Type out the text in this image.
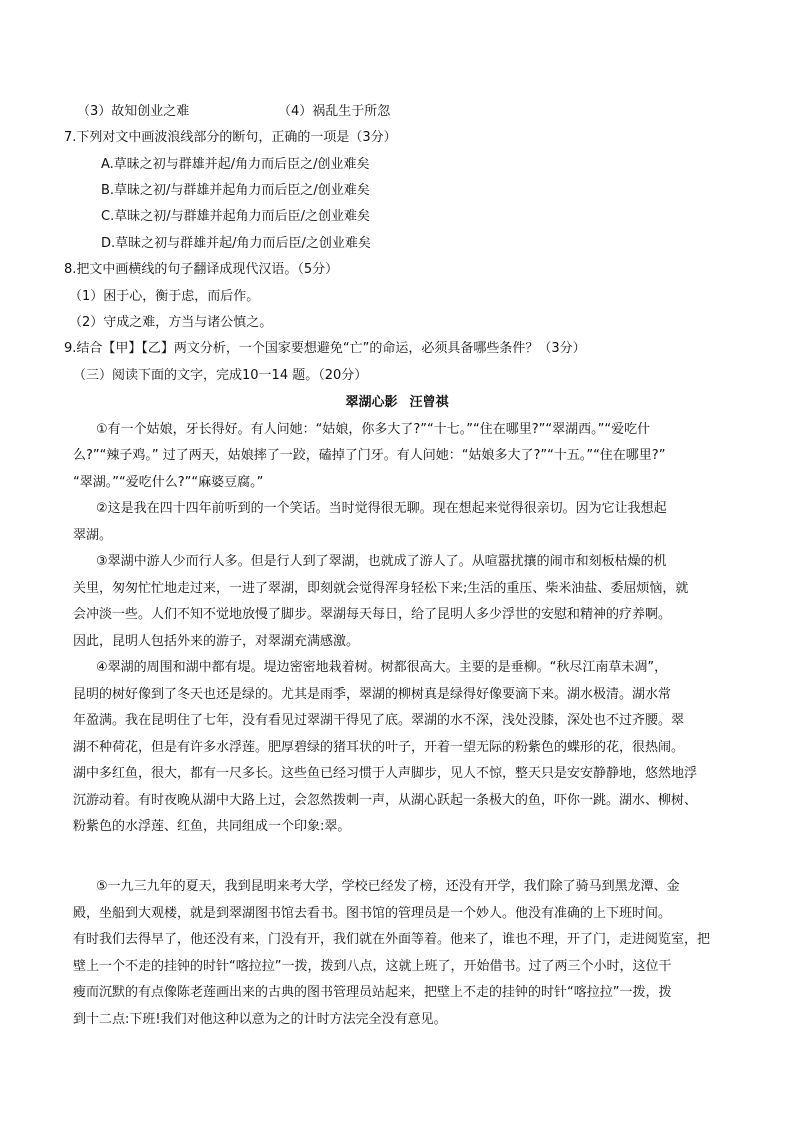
（3）故知创业之难	（4）祸乱生于所忽
7.下列对文中画波浪线部分的断句，正确的一项是（3分）
A.草昧之初与群雄并起/角力而后臣之/创业难矣
B.草昧之初/与群雄并起角力而后臣之/创业难矣
C.草昧之初/与群雄并起角力而后臣/之创业难矣
D.草昧之初与群雄并起/角力而后臣/之创业难矣
8.把文中画横线的句子翻译成现代汉语。（5分）
（1）困于心，衡于虑，而后作。
（2）守成之难，方当与诸公慎之。
9.结合【甲】【乙】两文分析，一个国家要想避免“亡”的命运，必须具备哪些条件？（3分）
（三）阅读下面的文字，完成10一14 题。（20分）
翠湖心影 汪曾祺
①有一个姑娘，牙长得好。有人问她：“姑娘，你多大了?”“十七。”“住在哪里?”“翠湖西。”“爱吃什
么?”“辣子鸡。” 过了两天，姑娘摔了一跤，磕掉了门牙。有人问她：“姑娘多大了?”“十五。”“住在哪里?”
“翠湖。”“爱吃什么?”“麻婆豆腐。”
②这是我在四十四年前听到的一个笑话。当时觉得很无聊。现在想起来觉得很亲切。因为它让我想起
翠湖。
③翠湖中游人少而行人多。但是行人到了翠湖，也就成了游人了。从喧嚣扰攘的闹市和刻板枯燥的机
关里，匆匆忙忙地走过来，一进了翠湖，即刻就会觉得浑身轻松下来;生活的重压、柴米油盐、委屈烦恼，就
会冲淡一些。人们不知不觉地放慢了脚步。翠湖每天每日，给了昆明人多少浮世的安慰和精神的疗养啊。
因此，昆明人包括外来的游子，对翠湖充满感激。
④翠湖的周围和湖中都有堤。堤边密密地栽着树。树都很高大。主要的是垂柳。“秋尽江南草未凋”，
昆明的树好像到了冬天也还是绿的。尤其是雨季，翠湖的柳树真是绿得好像要滴下来。湖水极清。湖水常
年盈满。我在昆明住了七年，没有看见过翠湖干得见了底。翠湖的水不深，浅处没膝，深处也不过齐腰。翠
湖不种荷花，但是有许多水浮莲。肥厚碧绿的猪耳状的叶子，开着一望无际的粉紫色的蝶形的花，很热闹。
湖中多红鱼，很大，都有一尺多长。这些鱼已经习惯于人声脚步，见人不惊，整天只是安安静静地，悠然地浮
沉游动着。有时夜晚从湖中大路上过，会忽然拨刺一声，从湖心跃起一条极大的鱼，吓你一跳。湖水、柳树、
粉紫色的水浮莲、红鱼，共同组成一个印象:翠。
⑤一九三九年的夏天，我到昆明来考大学，学校已经发了榜，还没有开学，我们除了骑马到黑龙潭、金
殿，坐船到大观楼，就是到翠湖图书馆去看书。图书馆的管理员是一个妙人。他没有准确的上下班时间。
有时我们去得早了，他还没有来，门没有开，我们就在外面等着。他来了，谁也不理，开了门，走进阅览室，把
壁上一个不走的挂钟的时针“喀拉拉”一拨，拨到八点，这就上班了，开始借书。过了两三个小时，这位干
瘦而沉默的有点像陈老莲画出来的古典的图书管理员站起来，把壁上不走的挂钟的时针“喀拉拉”一拨，拨
到十二点:下班!我们对他这种以意为之的计时方法完全没有意见。
